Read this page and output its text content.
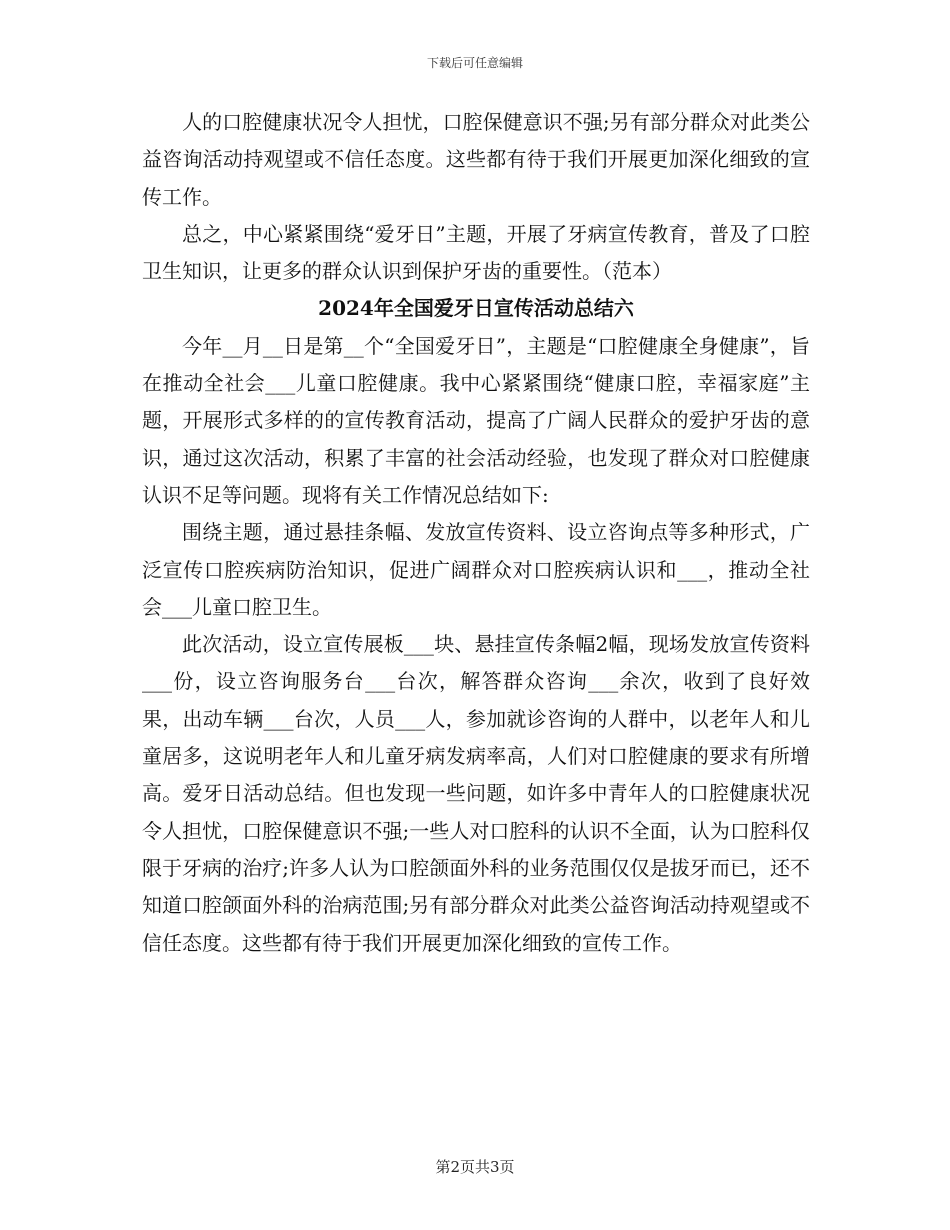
下载后可任意编辑

　　人的口腔健康状况令人担忧，口腔保健意识不强;另有部分群众对此类公益咨询活动持观望或不信任态度。这些都有待于我们开展更加深化细致的宣传工作。

总之，中心紧紧围绕“爱牙日”主题，开展了牙病宣传教育，普及了口腔卫生知识，让更多的群众认识到保护牙齿的重要性。（范本）

2024年全国爱牙日宣传活动总结六

今年__月__日是第__个“全国爱牙日”，主题是“口腔健康全身健康”，旨在推动全社会___儿童口腔健康。我中心紧紧围绕“健康口腔，幸福家庭”主题，开展形式多样的的宣传教育活动，提高了广阔人民群众的爱护牙齿的意识，通过这次活动，积累了丰富的社会活动经验，也发现了群众对口腔健康认识不足等问题。现将有关工作情况总结如下:

围绕主题，通过悬挂条幅、发放宣传资料、设立咨询点等多种形式，广泛宣传口腔疾病防治知识，促进广阔群众对口腔疾病认识和___，推动全社会___儿童口腔卫生。

此次活动，设立宣传展板___块、悬挂宣传条幅2幅，现场发放宣传资料___份，设立咨询服务台___台次，解答群众咨询___余次，收到了良好效果，出动车辆___台次，人员___人，参加就诊咨询的人群中，以老年人和儿童居多，这说明老年人和儿童牙病发病率高，人们对口腔健康的要求有所增高。爱牙日活动总结。但也发现一些问题，如许多中青年人的口腔健康状况令人担忧，口腔保健意识不强;一些人对口腔科的认识不全面，认为口腔科仅限于牙病的治疗;许多人认为口腔颌面外科的业务范围仅仅是拔牙而已，还不知道口腔颌面外科的治病范围;另有部分群众对此类公益咨询活动持观望或不信任态度。这些都有待于我们开展更加深化细致的宣传工作。

第2页共3页
